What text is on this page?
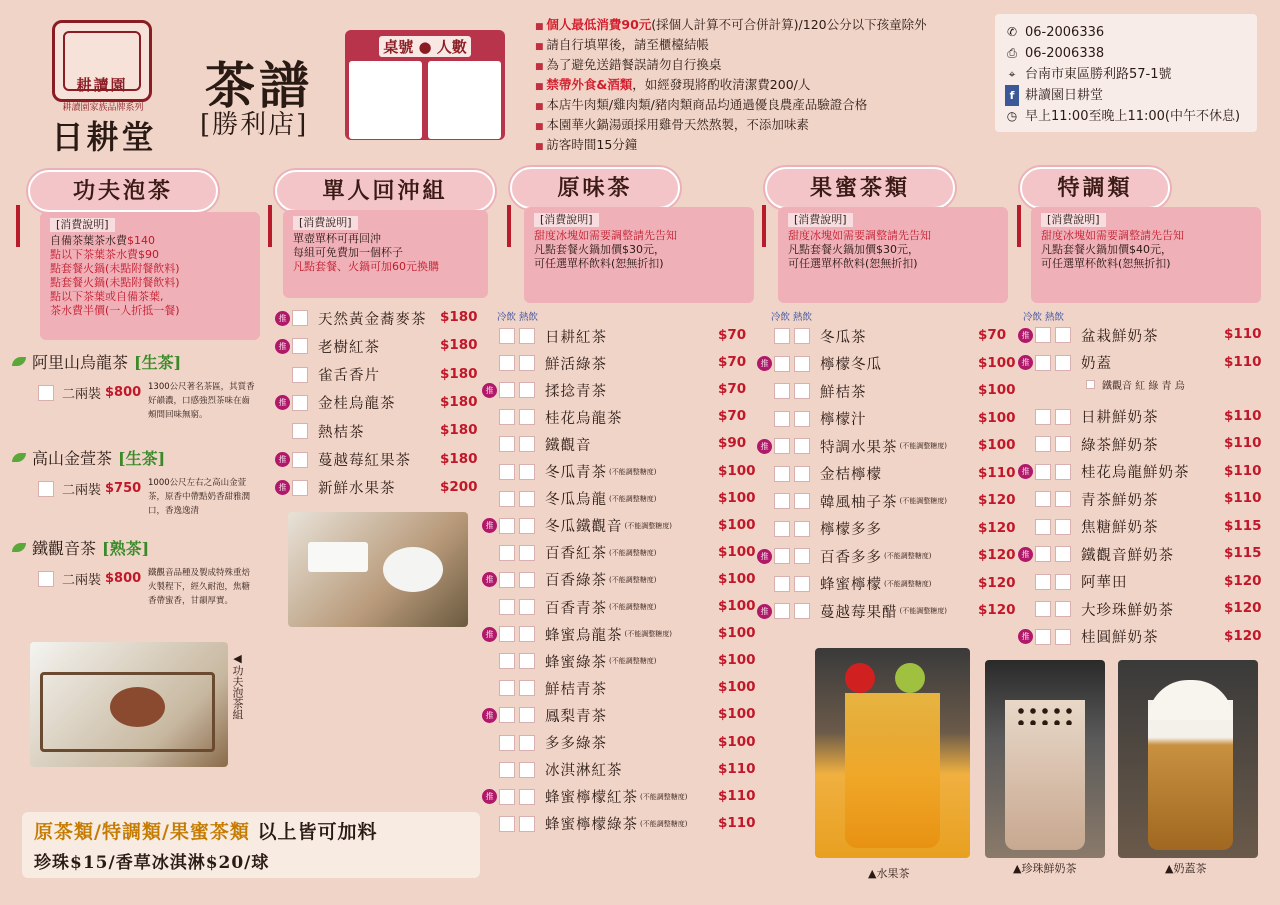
耕讀園
耕讀園家族品牌系列
日耕堂
茶譜
[勝利店]
桌號 ● 人數
■ 個人最低消費90元(採個人計算不可合併計算)/120公分以下孩童除外
■ 請自行填單後，請至櫃檯結帳
■ 為了避免送錯餐誤請勿自行換桌
■ 禁帶外食&酒類，如經發現將酌收清潔費200/人
■ 本店牛肉類/雞肉類/豬肉類商品均通過優良農產品驗證合格
■ 本園華火鍋湯頭採用雞骨天然熬製，不添加味素
■ 訪客時間15分鐘
✆ 06-2006336
⎙ 06-2006338
⌖ 台南市東區勝利路57-1號
f 耕讀園日耕堂
◷ 早上11:00至晚上11:00(中午不休息)
功夫泡茶	單人回沖組	原味茶	果蜜茶類	特調類
[消費說明]
自備茶葉茶水費$140
點以下茶葉茶水費$90
點套餐火鍋(未點附餐飲料)
點套餐火鍋(未點附餐飲料)
點以下茶葉或自備茶葉,
茶水費半價(一人折抵一餐)
[消費說明]
單壺單杯可再回沖
每組可免費加一個杯子
凡點套餐、火鍋可加60元換購
[消費說明]
甜度冰塊如需要調整請先告知
凡點套餐火鍋加價$30元，
可任選單杯飲料(恕無折扣)
[消費說明]
甜度冰塊如需要調整請先告知
凡點套餐火鍋加價$30元，
可任選單杯飲料(恕無折扣)
[消費說明]
甜度冰塊如需要調整請先告知
凡點套餐火鍋加價$40元，
可任選單杯飲料(恕無折扣)
冷飲 熱飲	冷飲 熱飲	冷飲 熱飲
阿里山烏龍茶 [生茶]
二兩裝 $800 1300公尺著名茶區，其質香好韻濃，口感強烈茶味在齒頰間回味無窮。
高山金萱茶 [生茶]
二兩裝 $750 1000公尺左右之高山金萱茶，原香中帶點奶香甜雅潤口，香逸逸清
鐵觀音茶 [熟茶]
二兩裝 $800 鐵觀音品種及製成特殊重焙火製程下，經久耐泡，焦糖香帶蜜香，甘韻厚實。
推 天然黃金蕎麥茶 $180
推 老樹紅茶	$180
雀舌香片	$180
推 金桂烏龍茶	$180
熱桔茶	$180
推 蔓越莓紅果茶 $180
推 新鮮水果茶	$200
日耕紅茶	$70
鮮活綠茶	$70
推	揉捻青茶	$70
桂花烏龍茶	$70
鐵觀音	$90
冬瓜青茶 (不能調整糖度)	$100
冬瓜烏龍 (不能調整糖度)	$100
推	冬瓜鐵觀音 (不能調整糖度)	$100
百香紅茶 (不能調整糖度)	$100
推	百香綠茶 (不能調整糖度)	$100
百香青茶 (不能調整糖度)	$100
推	蜂蜜烏龍茶 (不能調整糖度)	$100
蜂蜜綠茶 (不能調整糖度)	$100
鮮桔青茶	$100
推	鳳梨青茶	$100
多多綠茶	$100
冰淇淋紅茶	$110
推	蜂蜜檸檬紅茶 (不能調整糖度) $110
蜂蜜檸檬綠茶 (不能調整糖度) $110
冬瓜茶	$70
推	檸檬冬瓜	$100
鮮桔茶	$100
檸檬汁	$100
推	特調水果茶 (不能調整糖度) $100
金桔檸檬	$110
韓風柚子茶 (不能調整糖度) $120
檸檬多多	$120
推	百香多多 (不能調整糖度)	$120
蜂蜜檸檬 (不能調整糖度)	$120
推	蔓越莓果醋 (不能調整糖度) $120
推	盆栽鮮奶茶	$110
推	奶蓋	$110
日耕鮮奶茶	$110
綠茶鮮奶茶	$110
推	桂花烏龍鮮奶茶	$110
青茶鮮奶茶	$110
焦糖鮮奶茶	$115
推	鐵觀音鮮奶茶	$115
阿華田	$120
大珍珠鮮奶茶	$120
推	桂圓鮮奶茶	$120
鐵觀音 紅 綠 青 烏
◀功夫泡茶組
▲水果茶	▲珍珠鮮奶茶	▲奶蓋茶
原茶類/特調類/果蜜茶類 以上皆可加料
珍珠$15/香草冰淇淋$20/球
